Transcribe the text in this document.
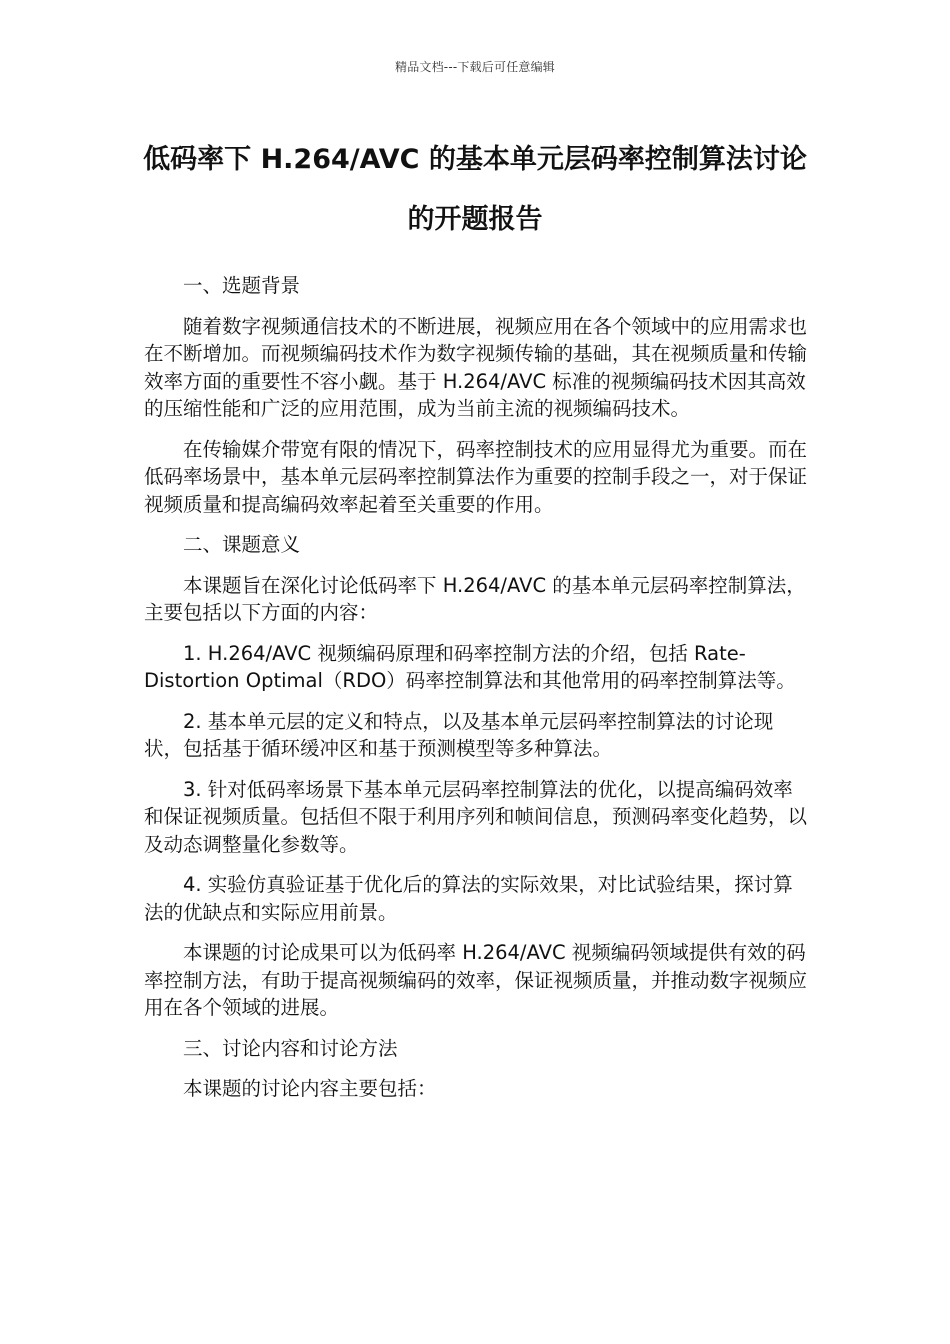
精品文档---下载后可任意编辑
低码率下 H.264/AVC 的基本单元层码率控制算法讨论的开题报告

一、选题背景

随着数字视频通信技术的不断进展，视频应用在各个领域中的应用需求也在不断增加。而视频编码技术作为数字视频传输的基础，其在视频质量和传输效率方面的重要性不容小觑。基于 H.264/AVC 标准的视频编码技术因其高效的压缩性能和广泛的应用范围，成为当前主流的视频编码技术。

在传输媒介带宽有限的情况下，码率控制技术的应用显得尤为重要。而在低码率场景中，基本单元层码率控制算法作为重要的控制手段之一，对于保证视频质量和提高编码效率起着至关重要的作用。

二、课题意义

本课题旨在深化讨论低码率下 H.264/AVC 的基本单元层码率控制算法，主要包括以下方面的内容：

1. H.264/AVC 视频编码原理和码率控制方法的介绍，包括 Rate-Distortion Optimal（RDO）码率控制算法和其他常用的码率控制算法等。

2. 基本单元层的定义和特点，以及基本单元层码率控制算法的讨论现状，包括基于循环缓冲区和基于预测模型等多种算法。

3. 针对低码率场景下基本单元层码率控制算法的优化，以提高编码效率和保证视频质量。包括但不限于利用序列和帧间信息，预测码率变化趋势，以及动态调整量化参数等。

4. 实验仿真验证基于优化后的算法的实际效果，对比试验结果，探讨算法的优缺点和实际应用前景。

本课题的讨论成果可以为低码率 H.264/AVC 视频编码领域提供有效的码率控制方法，有助于提高视频编码的效率，保证视频质量，并推动数字视频应用在各个领域的进展。

三、讨论内容和讨论方法

本课题的讨论内容主要包括：
